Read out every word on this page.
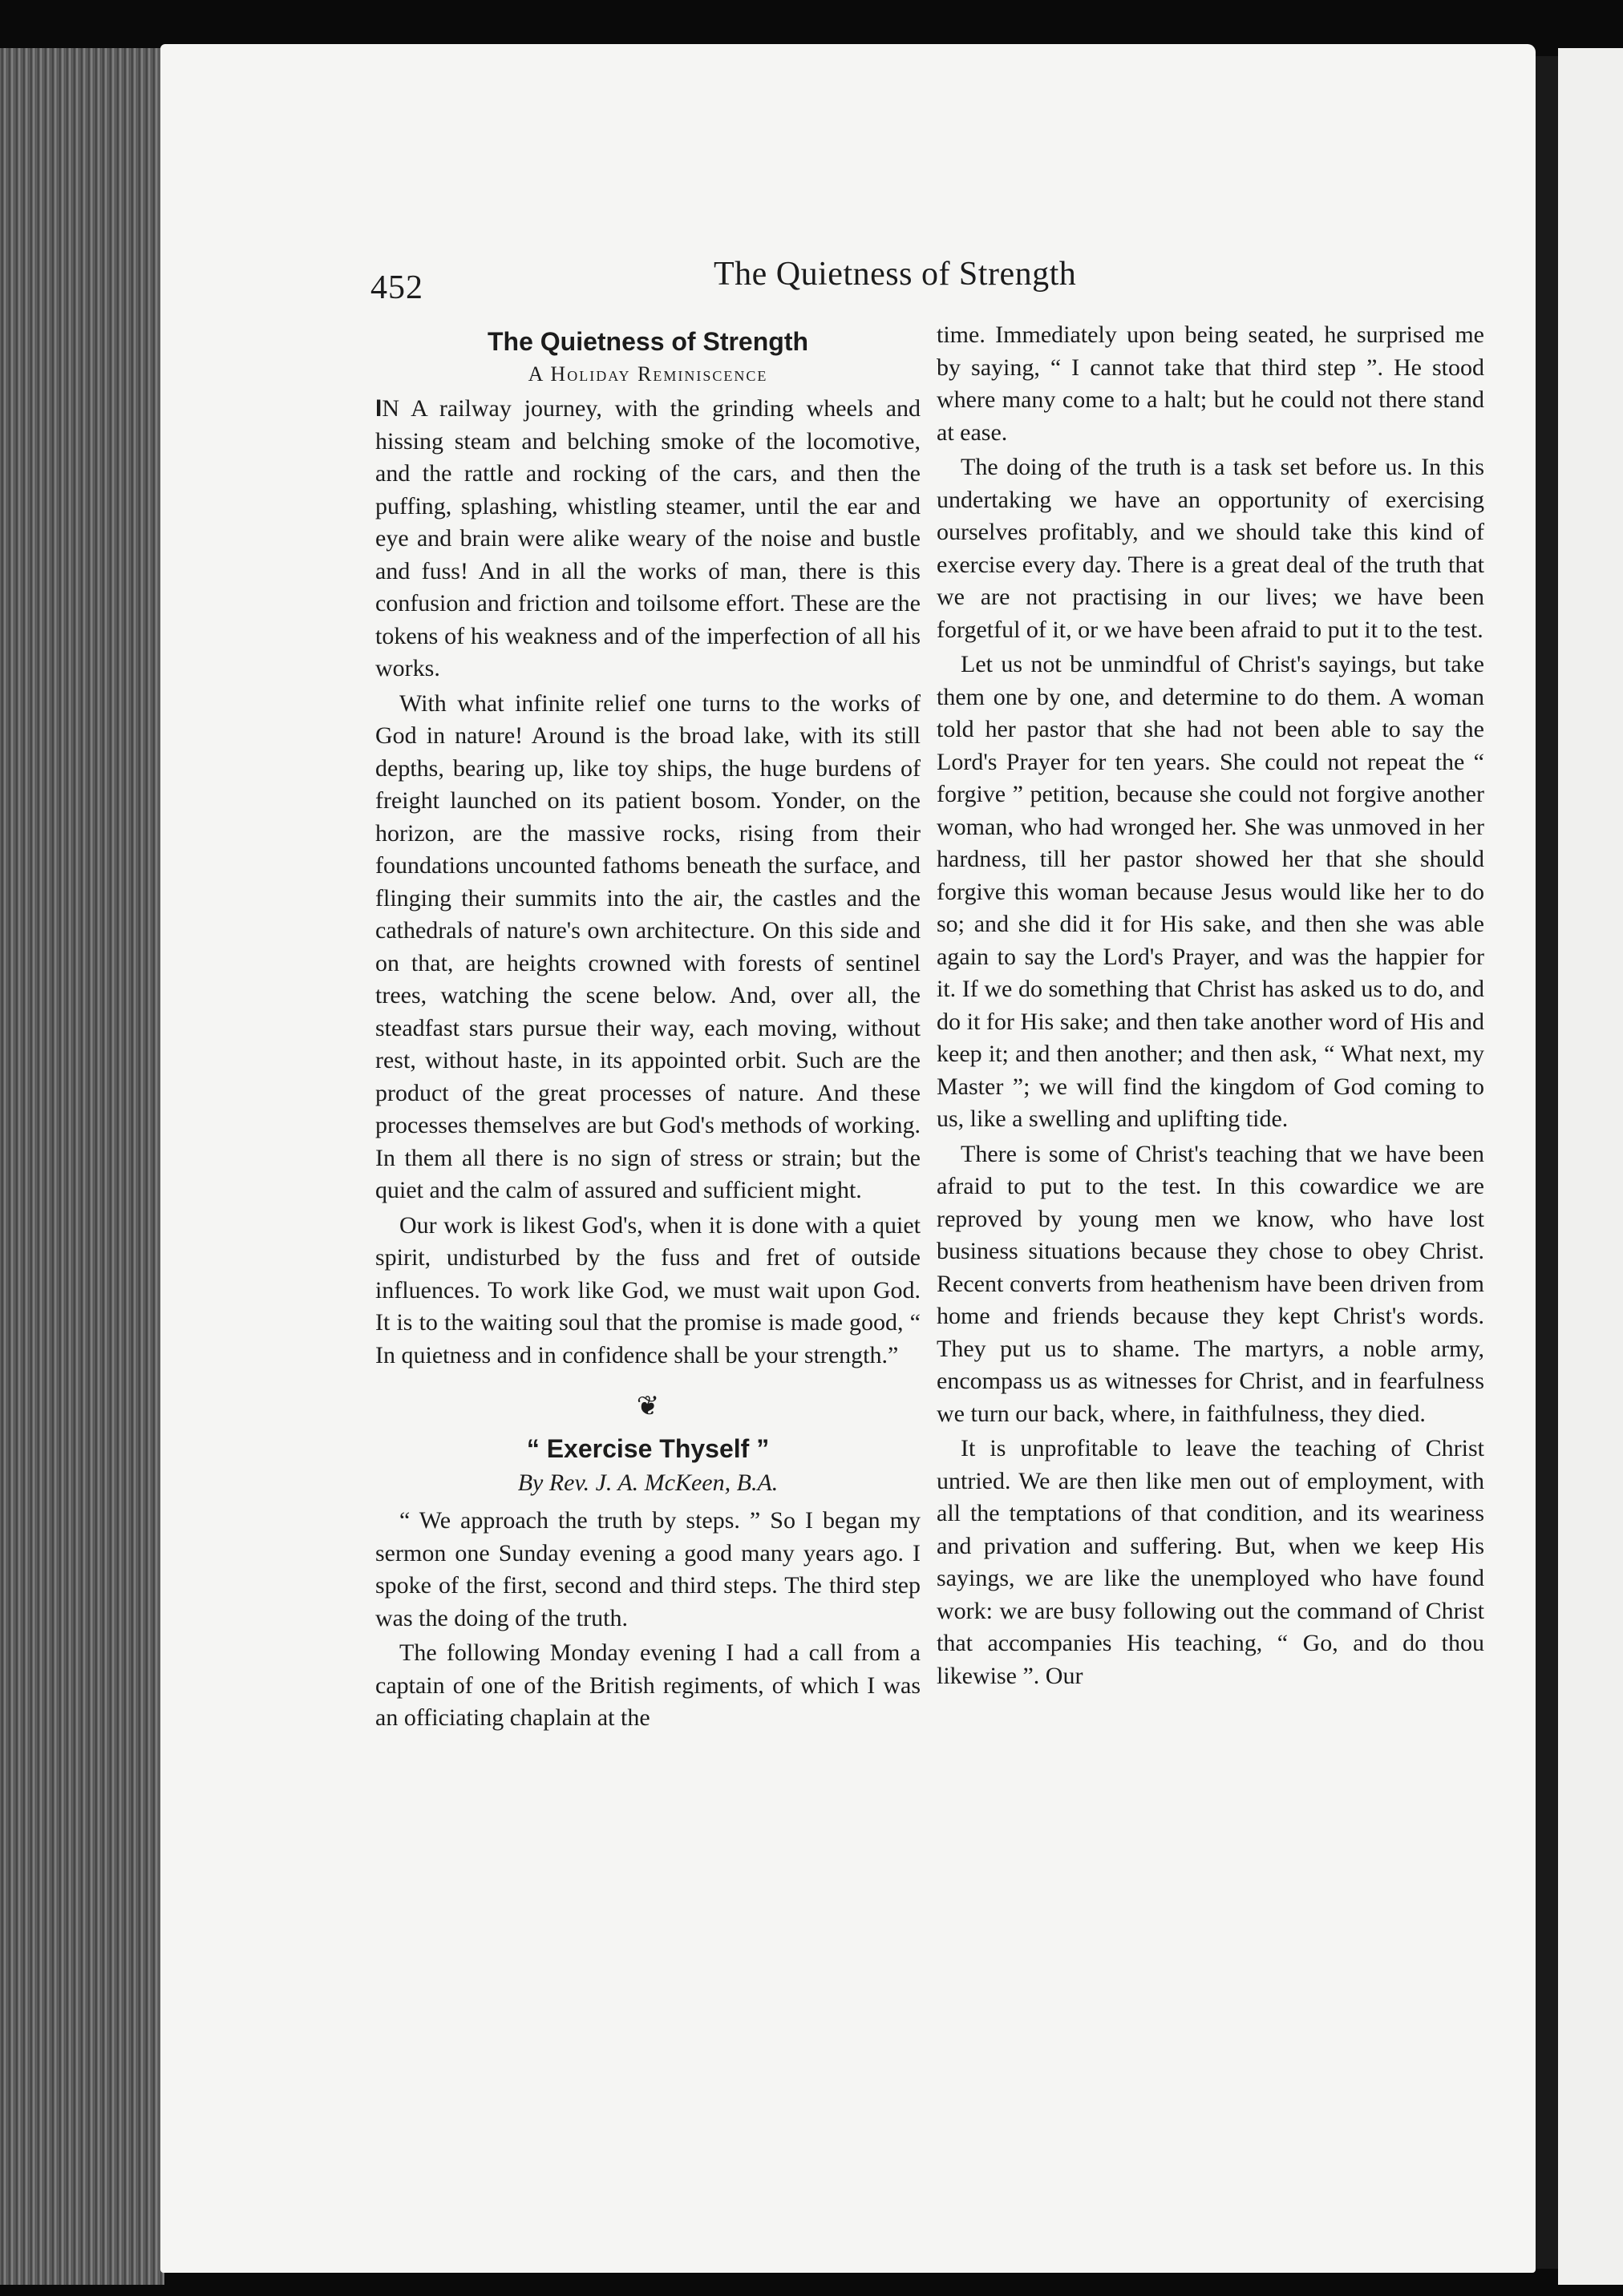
452	The Quietness of Strength
The Quietness of Strength
A Holiday Reminiscence

IN A railway journey, with the grinding wheels and hissing steam and belching smoke of the locomotive, and the rattle and rocking of the cars, and then the puffing, splashing, whistling steamer, until the ear and eye and brain were alike weary of the noise and bustle and fuss! And in all the works of man, there is this confusion and friction and toilsome effort. These are the tokens of his weakness and of the imperfection of all his works.

With what infinite relief one turns to the works of God in nature! Around is the broad lake, with its still depths, bearing up, like toy ships, the huge burdens of freight launched on its patient bosom. Yonder, on the horizon, are the massive rocks, rising from their foundations uncounted fathoms beneath the surface, and flinging their summits into the air, the castles and the cathedrals of nature's own architecture. On this side and on that, are heights crowned with forests of sentinel trees, watching the scene below. And, over all, the steadfast stars pursue their way, each moving, without rest, without haste, in its appointed orbit. Such are the product of the great processes of nature. And these processes themselves are but God's methods of working. In them all there is no sign of stress or strain; but the quiet and the calm of assured and sufficient might.

Our work is likest God's, when it is done with a quiet spirit, undisturbed by the fuss and fret of outside influences. To work like God, we must wait upon God. It is to the waiting soul that the promise is made good, “ In quietness and in confidence shall be your strength.”

❦
“ Exercise Thyself ”
By Rev. J. A. McKeen, B.A.

“ We approach the truth by steps. ” So I began my sermon one Sunday evening a good many years ago. I spoke of the first, second and third steps. The third step was the doing of the truth.

The following Monday evening I had a call from a captain of one of the British regiments, of which I was an officiating chaplain at the

time. Immediately upon being seated, he surprised me by saying, “ I cannot take that third step ”. He stood where many come to a halt; but he could not there stand at ease.

The doing of the truth is a task set before us. In this undertaking we have an opportunity of exercising ourselves profitably, and we should take this kind of exercise every day. There is a great deal of the truth that we are not practising in our lives; we have been forgetful of it, or we have been afraid to put it to the test.

Let us not be unmindful of Christ's sayings, but take them one by one, and determine to do them. A woman told her pastor that she had not been able to say the Lord's Prayer for ten years. She could not repeat the “ forgive ” petition, because she could not forgive another woman, who had wronged her. She was unmoved in her hardness, till her pastor showed her that she should forgive this woman because Jesus would like her to do so; and she did it for His sake, and then she was able again to say the Lord's Prayer, and was the happier for it. If we do something that Christ has asked us to do, and do it for His sake; and then take another word of His and keep it; and then another; and then ask, “ What next, my Master ”; we will find the kingdom of God coming to us, like a swelling and uplifting tide.

There is some of Christ's teaching that we have been afraid to put to the test. In this cowardice we are reproved by young men we know, who have lost business situations because they chose to obey Christ. Recent converts from heathenism have been driven from home and friends because they kept Christ's words. They put us to shame. The martyrs, a noble army, encompass us as witnesses for Christ, and in fearfulness we turn our back, where, in faithfulness, they died.

It is unprofitable to leave the teaching of Christ untried. We are then like men out of employment, with all the temptations of that condition, and its weariness and privation and suffering. But, when we keep His sayings, we are like the unemployed who have found work: we are busy following out the command of Christ that accompanies His teaching, “ Go, and do thou likewise ”. Our
